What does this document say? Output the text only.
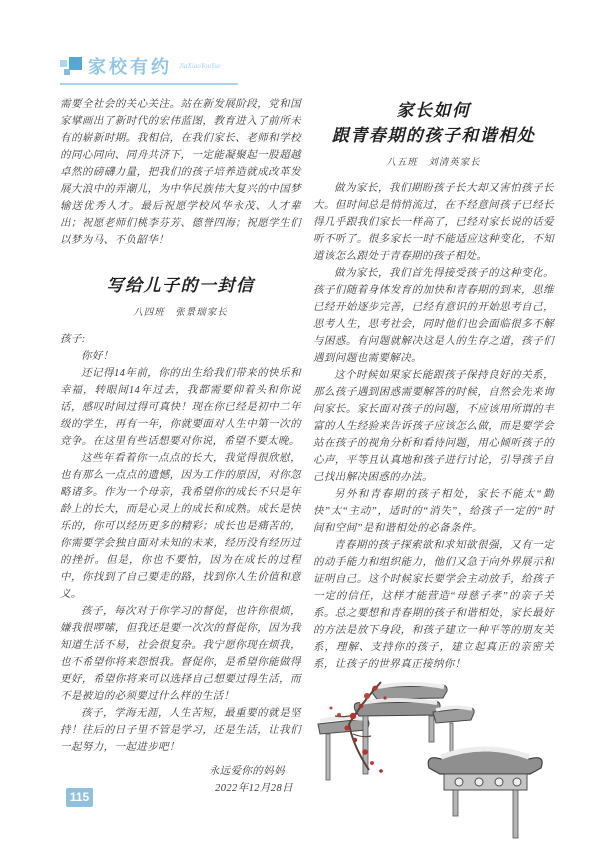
家校有约 JiaXiaoYouYue

需要全社会的关心关注。站在新发展阶段，党和国家擘画出了新时代的宏伟蓝图，教育进入了前所未有的崭新时期。我相信，在我们家长、老师和学校的同心同向、同舟共济下，一定能凝聚起一股超越卓然的磅礴力量，把我们的孩子培养造就成改革发展大浪中的弄潮儿，为中华民族伟大复兴的中国梦输送优秀人才。最后祝愿学校风华永茂、人才辈出；祝愿老师们桃李芬芳、德誉四海；祝愿学生们以梦为马、不负韶华！

写给儿子的一封信
八四班　张景瑞家长

孩子:

你好！

还记得14年前，你的出生给我们带来的快乐和幸福，转眼间14年过去，我都需要仰着头和你说话，感叹时间过得可真快！现在你已经是初中二年级的学生，再有一年，你就要面对人生中第一次的竞争。在这里有些话想要对你说，希望不要太晚。

这些年看着你一点点的长大，我觉得很欣慰，也有那么一点点的遗憾，因为工作的原因，对你忽略诸多。作为一个母亲，我希望你的成长不只是年龄上的长大，而是心灵上的成长和成熟。成长是快乐的，你可以经历更多的精彩；成长也是痛苦的，你需要学会独自面对未知的未来，经历没有经历过的挫折。但是，你也不要怕，因为在成长的过程中，你找到了自己要走的路，找到你人生价值和意义。

孩子，每次对于你学习的督促，也许你很烦，嫌我很啰嗦，但我还是要一次次的督促你，因为我知道生活不易，社会很复杂。我宁愿你现在烦我，也不希望你将来怨恨我。督促你，是希望你能做得更好，希望你将来可以选择自己想要过得生活，而不是被迫的必须要过什么样的生活！

孩子，学海无涯，人生苦短，最重要的就是坚持！往后的日子里不管是学习，还是生活，让我们一起努力，一起进步吧！

永远爱你的妈妈
2022年12月28日
家长如何
跟青春期的孩子和谐相处
八五班　刘清英家长

做为家长，我们期盼孩子长大却又害怕孩子长大。但时间总是悄悄流过，在不经意间孩子已经长得几乎跟我们家长一样高了，已经对家长说的话爱听不听了。很多家长一时不能适应这种变化，不知道该怎么跟处于青春期的孩子相处。

做为家长，我们首先得接受孩子的这种变化。孩子们随着身体发育的加快和青春期的到来，思维已经开始逐步完善，已经有意识的开始思考自己，思考人生，思考社会，同时他们也会面临很多不解与困惑。有问题就解决这是人的生存之道，孩子们遇到问题也需要解决。

这个时候如果家长能跟孩子保持良好的关系，那么孩子遇到困惑需要解答的时候，自然会先来询问家长。家长面对孩子的问题，不应该用所谓的丰富的人生经验来告诉孩子应该怎么做，而是要学会站在孩子的视角分析和看待问题，用心倾听孩子的心声，平等且认真地和孩子进行讨论，引导孩子自己找出解决困惑的办法。

另外和青春期的孩子相处，家长不能太“勤快”太“主动”，适时的“消失”，给孩子一定的“时间和空间”是和谐相处的必备条件。

青春期的孩子探索欲和求知欲很强，又有一定的动手能力和组织能力，他们又急于向外界展示和证明自己。这个时候家长要学会主动放手，给孩子一定的信任，这样才能营造“母慈子孝”的亲子关系。总之要想和青春期的孩子和谐相处，家长最好的方法是放下身段，和孩子建立一种平等的朋友关系，理解、支持你的孩子，建立起真正的亲密关系，让孩子的世界真正接纳你！

115
